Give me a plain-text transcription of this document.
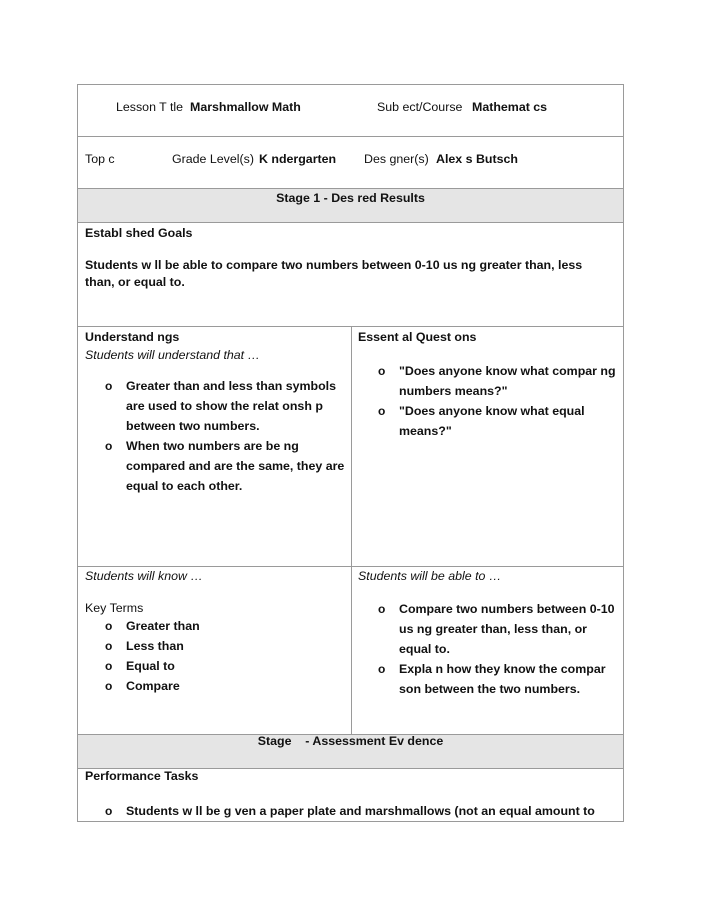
Lesson T tle Marshmallow Math	Sub ect/Course Mathemat cs
Top c	Grade Level(s) K ndergarten Des gner(s) Alex s Butsch
Stage 1 - Des red Results
Establ shed Goals
Students w ll be able to compare two numbers between 0-10 us ng greater than, less than, or equal to.
Understand ngs
Students will understand that …
o Greater than and less than symbols are used to show the relat onsh p between two numbers.
o When two numbers are be ng compared and are the same, they are equal to each other.
Essent al Quest ons
o "Does anyone know what compar ng numbers means?"
o "Does anyone know what equal means?"
Students will know …
Key Terms
o Greater than
o Less than
o Equal to
o Compare
Students will be able to …
o Compare two numbers between 0-10 us ng greater than, less than, or equal to.
o Expla n how they know the compar son between the two numbers.
Stage    - Assessment Ev dence
Performance Tasks
o Students w ll be g ven a paper plate and marshmallows (not an equal amount to
